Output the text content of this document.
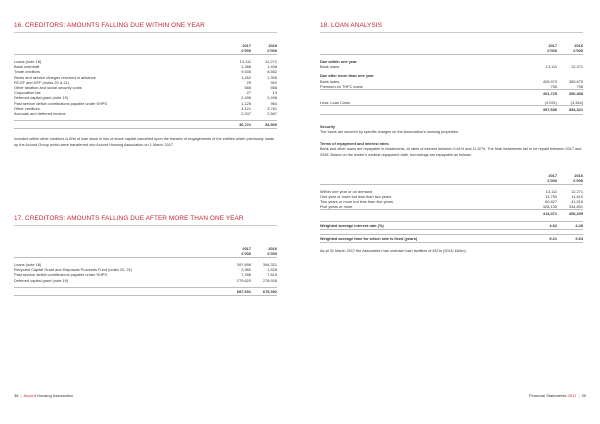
16. CREDITORS: AMOUNTS FALLING DUE WITHIN ONE YEAR
	2017	2016
	£'000	£'000

Loans (note 18)	13,111	12,271
Bank overdraft	1,388	1,408
Trade creditors	9,535	8,562
Rents and service charges received in advance	1,262	1,306
RCGF and DPF (notes 20 & 21)	29	952
Other taxation and social security costs	588	558
Corporation tax	27	13
Deferred capital grant (note 19)	2,496	2,498
Past service deficit contributions payable under SHPS	1,125	964
Other creditors	4,121	3,761
Accruals and deferred income	2,347	2,567

	36,721	34,900
Included within other creditors is £Nil of loan stock in lieu of share capital cancelled upon the transfer of engagements of the entities which previously made up the Accord Group which were transferred into Accord Housing Association on 1 March 2017.
17. CREDITORS: AMOUNTS FALLING DUE AFTER MORE THAN ONE YEAR
	2017	2016
	£'000	£'000

Loans (note 18)	397,696	394,321
Recycled Capital Grant and Disposals Proceeds Fund (notes 20, 21)	2,980	1,528
Past service deficit contributions payable under SHPS	7,396	7,615
Deferred capital grant (note 19)	279,620	276,928

	687,691	679,392
38 | Accord Housing Association
18. LOAN ANALYSIS
	2017	2016
	£'000	£'000

Due within one year		
Bank loans	13,111	12,271

Due after more than one year		
Bank loans	405,970	389,675
Premium on THFC loans	755	796
	401,725	390,468

Less: Loan Costs	(4,031)	(4,344)
	397,696	394,321
Security
The loans are secured by specific charges on the Association's housing properties.
Terms of repayment and interest rates
Bank and other loans are repayable in instalments, at rates of interest between 0.61% and 11.87%. The final instalments fall to be repaid between 2017 and 2048. Based on the lender's earliest repayment date, borrowings are repayable as follows:
	2017	2016
	£'000	£'000

Within one year or on demand	13,111	12,271
One year or more but less than two years	13,759	11,610
Two years or more but less than five years	60,827	41,516
Five years or more	328,135	334,891
	414,071	400,295

Weighted average interest rate (%)	4.62	4.28

Weighted average time for which rate is fixed (years)	9.21	9.63
As at 31 March 2017 the Association has undrawn loan facilities of £57m (2016: £64m).
Financial Statements 2017 | 39
